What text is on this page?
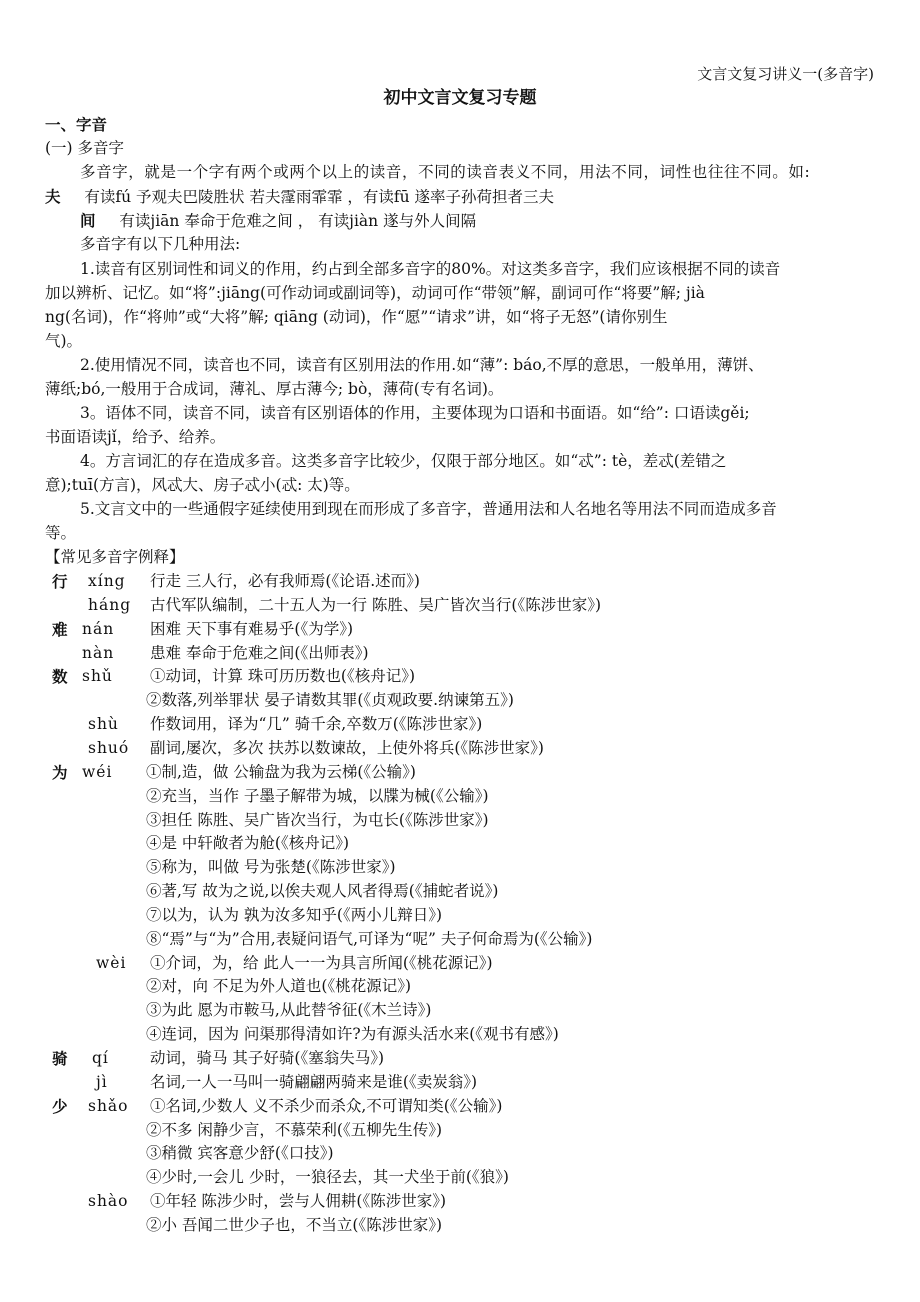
文言文复习讲义一(多音字)
初中文言文复习专题
一、字音
(一) 多音字
多音字，就是一个字有两个或两个以上的读音，不同的读音表义不同，用法不同，词性也往往不同。如:
夫 有读fú 予观夫巴陵胜状 若夫霪雨霏霏 ，有读fū 遂率子孙荷担者三夫
间 有读jiān 奉命于危难之间 ， 有读jiàn 遂与外人间隔
多音字有以下几种用法:
1.读音有区别词性和词义的作用，约占到全部多音字的80%。对这类多音字，我们应该根据不同的读音
加以辨析、记忆。如“将”:jiāng(可作动词或副词等)，动词可作“带领”解，副词可作“将要”解; jià
ng(名词)，作“将帅”或“大将”解; qiāng (动词)，作“愿”“请求”讲，如“将子无怒”(请你别生
气)。
2.使用情况不同，读音也不同，读音有区别用法的作用.如“薄”: báo,不厚的意思，一般单用，薄饼、
薄纸;bó,一般用于合成词，薄礼、厚古薄今; bò，薄荷(专有名词)。
3。语体不同，读音不同，读音有区别语体的作用，主要体现为口语和书面语。如“给”: 口语读gěi;
书面语读jǐ，给予、给养。
4。方言词汇的存在造成多音。这类多音字比较少，仅限于部分地区。如“忒”: tè，差忒(差错之
意);tuī(方言)，风忒大、房子忒小(忒: 太)等。
5.文言文中的一些通假字延续使用到现在而形成了多音字，普通用法和人名地名等用法不同而造成多音
等。
【常见多音字例释】
行 xíng 行走 三人行，必有我师焉(《论语.述而》)
háng 古代军队编制，二十五人为一行 陈胜、吴广皆次当行(《陈涉世家》)
难 nán 困难 天下事有难易乎(《为学》)
nàn 患难 奉命于危难之间(《出师表》)
数 shǔ ①动词，计算 珠可历历数也(《核舟记》)
②数落,列举罪状 晏子请数其罪(《贞观政要.纳谏第五》)
shù 作数词用，译为“几” 骑千余,卒数万(《陈涉世家》)
shuó 副词,屡次，多次 扶苏以数谏故，上使外将兵(《陈涉世家》)
为 wéi ①制,造，做 公输盘为我为云梯(《公输》)
②充当，当作 子墨子解带为城，以牒为械(《公输》)
③担任 陈胜、吴广皆次当行，为屯长(《陈涉世家》)
④是 中轩敞者为舱(《核舟记》)
⑤称为，叫做 号为张楚(《陈涉世家》)
⑥著,写 故为之说,以俟夫观人风者得焉(《捕蛇者说》)
⑦以为，认为 孰为汝多知乎(《两小儿辩日》)
⑧“焉”与“为”合用,表疑问语气,可译为“呢” 夫子何命焉为(《公输》)
wèi ①介词，为，给 此人一一为具言所闻(《桃花源记》)
②对，向 不足为外人道也(《桃花源记》)
③为此 愿为市鞍马,从此替爷征(《木兰诗》)
④连词，因为 问渠那得清如许?为有源头活水来(《观书有感》)
骑 qí	动词，骑马 其子好骑(《塞翁失马》)
jì	名词,一人一马叫一骑翩翩两骑来是谁(《卖炭翁》)
少 shǎo ①名词,少数人 义不杀少而杀众,不可谓知类(《公输》)
②不多 闲静少言，不慕荣利(《五柳先生传》)
③稍微 宾客意少舒(《口技》)
④少时,一会儿 少时，一狼径去，其一犬坐于前(《狼》)
shào ①年轻 陈涉少时，尝与人佣耕(《陈涉世家》)
②小 吾闻二世少子也，不当立(《陈涉世家》)
